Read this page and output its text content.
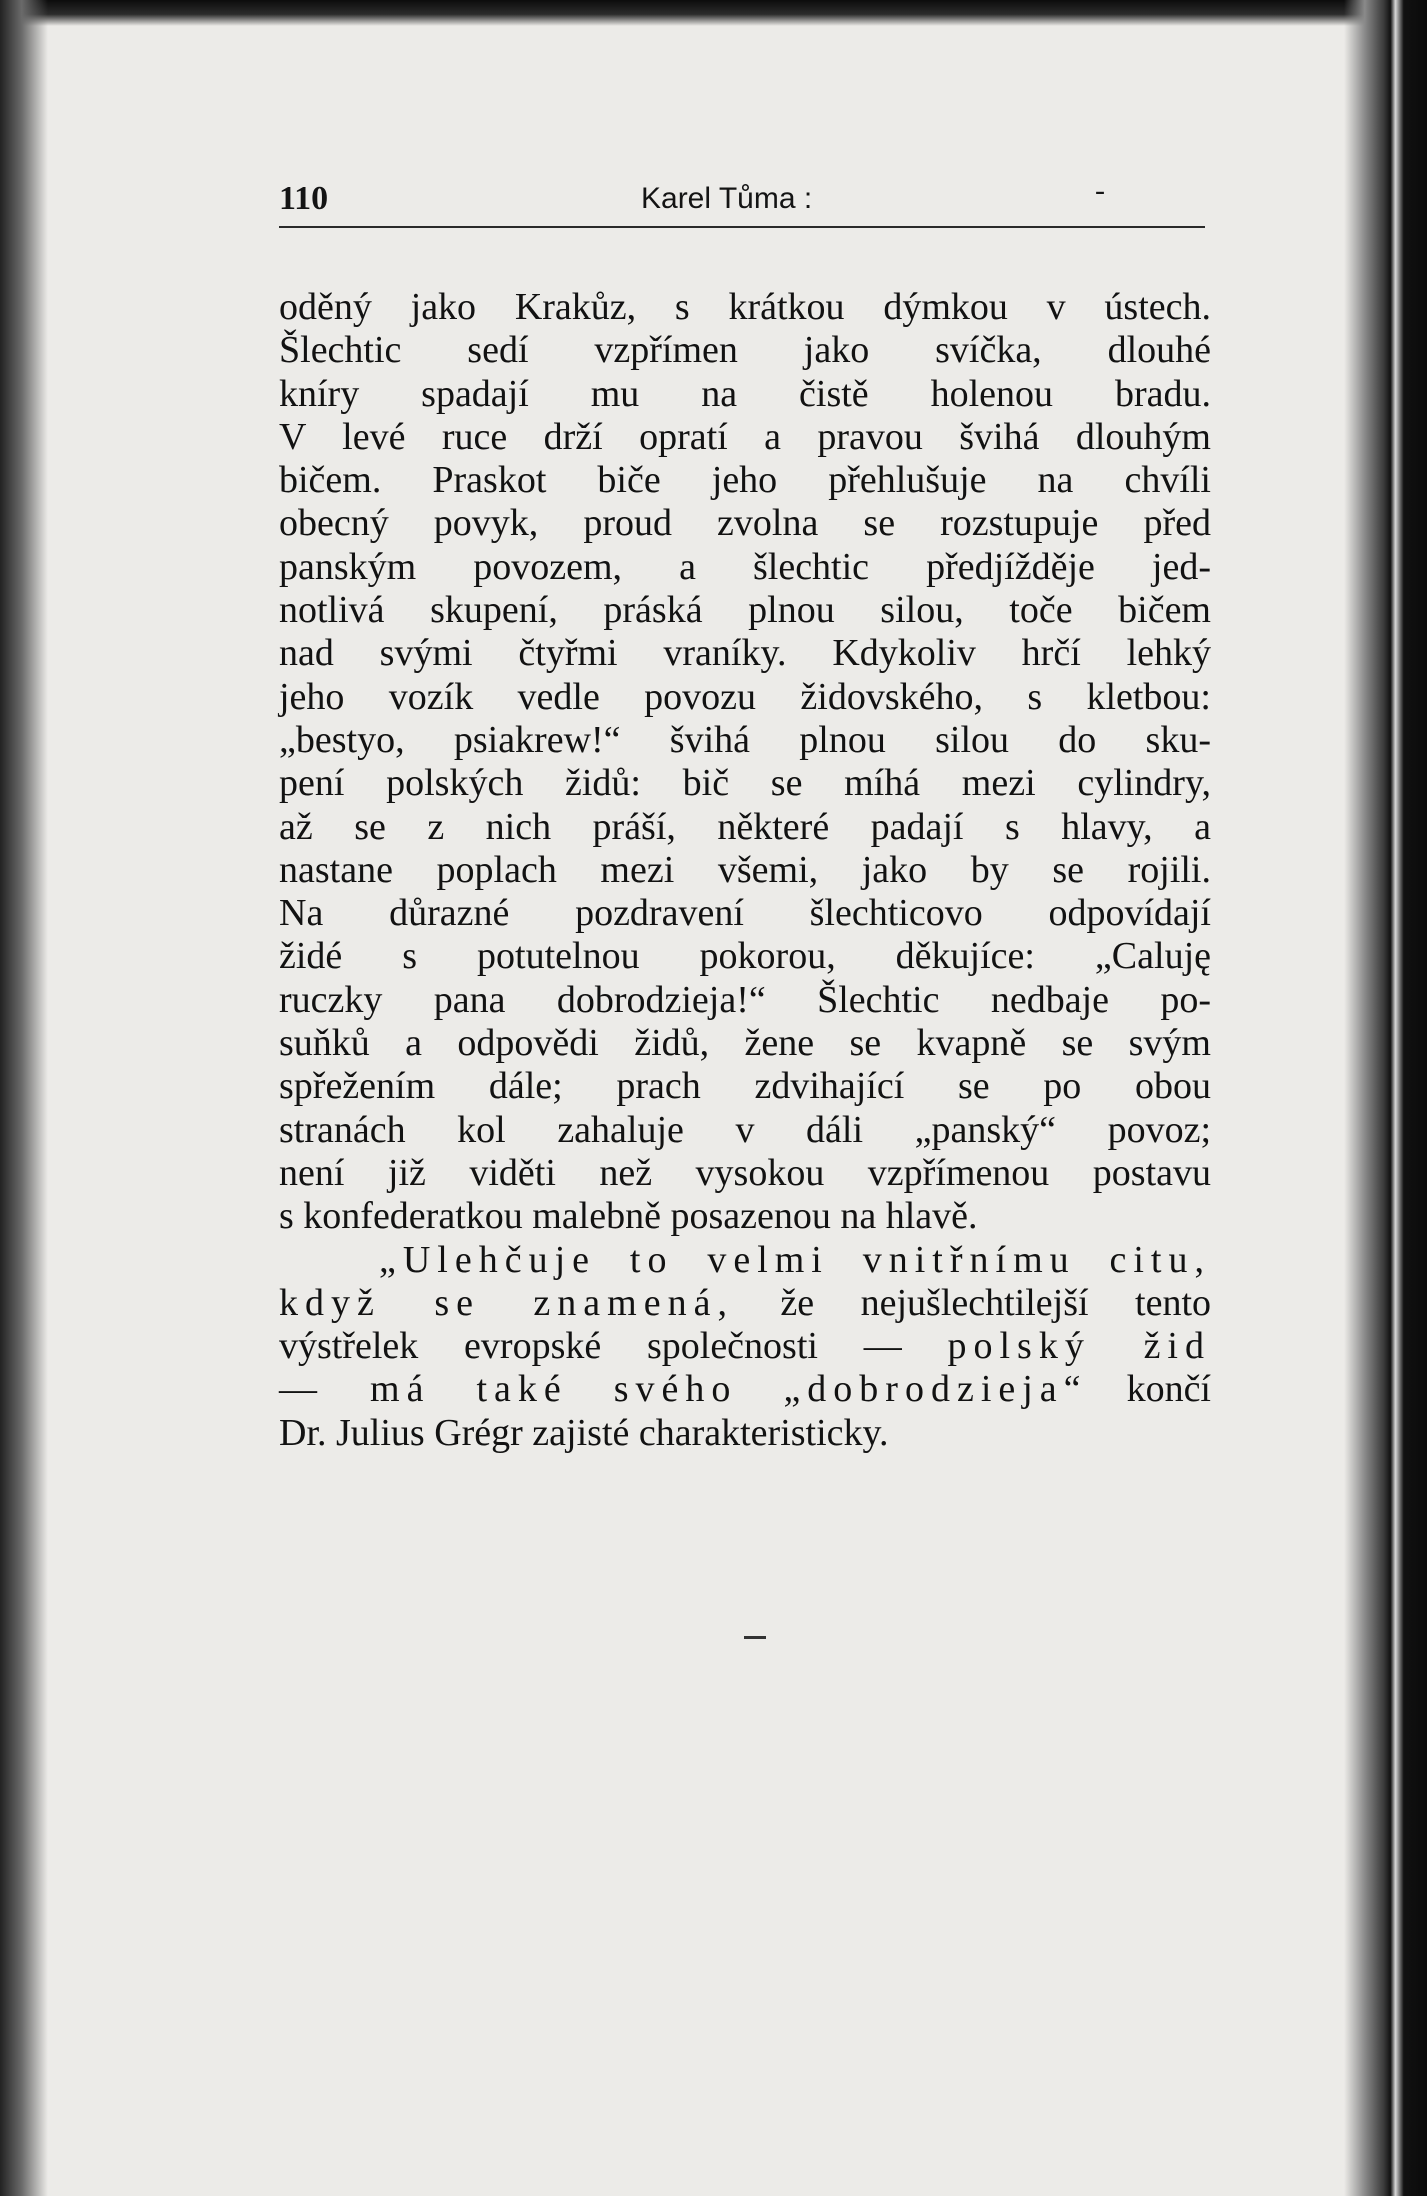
110	Karel Tůma :	-
oděný jako Krakůz, s krátkou dýmkou v ústech.
Šlechtic sedí vzpřímen jako svíčka, dlouhé
kníry spadají mu na čistě holenou bradu.
V levé ruce drží opratí a pravou švihá dlouhým
bičem. Praskot biče jeho přehlušuje na chvíli
obecný povyk, proud zvolna se rozstupuje před
panským povozem, a šlechtic předjížděje jed-
notlivá skupení, práská plnou silou, toče bičem
nad svými čtyřmi vraníky. Kdykoliv hrčí lehký
jeho vozík vedle povozu židovského, s kletbou:
„bestyo, psiakrew!“ švihá plnou silou do sku-
pení polských židů: bič se míhá mezi cylindry,
až se z nich práší, některé padají s hlavy, a
nastane poplach mezi všemi, jako by se rojili.
Na důrazné pozdravení šlechticovo odpovídají
židé s potutelnou pokorou, děkujíce: „Caluję
ruczky pana dobrodzieja!“ Šlechtic nedbaje po-
suňků a odpovědi židů, žene se kvapně se svým
spřežením dále; prach zdvihající se po obou
stranách kol zahaluje v dáli „panský“ povoz;
není již viděti než vysokou vzpřímenou postavu
s konfederatkou malebně posazenou na hlavě.
„Ulehčuje to velmi vnitřnímu citu,
když se znamená, že nejušlechtilejší tento
výstřelek evropské společnosti — polský žid
— má také svého „dobrodzieja“ končí
Dr. Julius Grégr zajisté charakteristicky.
